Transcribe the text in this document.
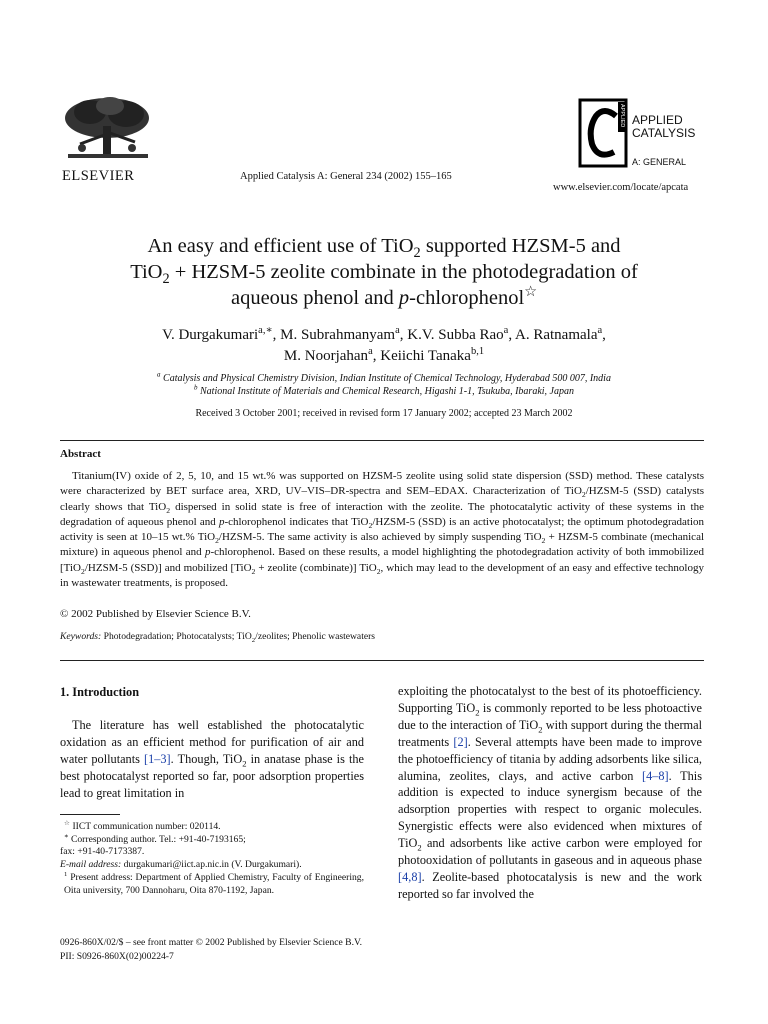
ELSEVIER	Applied Catalysis A: General 234 (2002) 155–165
APPLIED APPLIED
CATALYSIS
A: GENERAL
www.elsevier.com/locate/apcata
An easy and efficient use of TiO$_2$ supported HZSM-5 and
TiO$_2$ + HZSM-5 zeolite combinate in the photodegradation of
aqueous phenol and p-chlorophenol☆
V. Durgakumari$^{a,∗}$, M. Subrahmanyam$^a$, K.V. Subba Rao$^a$, A. Ratnamala$^a$,
M. Noorjahan$^a$, Keiichi Tanaka$^{b,1}$
$^a$ Catalysis and Physical Chemistry Division, Indian Institute of Chemical Technology, Hyderabad 500 007, India
$^b$ National Institute of Materials and Chemical Research, Higashi 1-1, Tsukuba, Ibaraki, Japan
Received 3 October 2001; received in revised form 17 January 2002; accepted 23 March 2002
Abstract
Titanium(IV) oxide of 2, 5, 10, and 15 wt.% was supported on HZSM-5 zeolite using solid state dispersion (SSD) method. These catalysts were characterized by BET surface area, XRD, UV–VIS–DR-spectra and SEM–EDAX. Characterization of TiO$_2$/HZSM-5 (SSD) catalysts clearly shows that TiO$_2$ dispersed in solid state is free of interaction with the zeolite. The photocatalytic activity of these systems in the degradation of aqueous phenol and p-chlorophenol indicates that TiO$_2$/HZSM-5 (SSD) is an active photocatalyst; the optimum photodegradation activity is seen at 10–15 wt.% TiO$_2$/HZSM-5. The same activity is also achieved by simply suspending TiO$_2$ + HZSM-5 combinate (mechanical mixture) in aqueous phenol and p-chlorophenol. Based on these results, a model highlighting the photodegradation activity of both immobilized [TiO$_2$/HZSM-5 (SSD)] and mobilized [TiO$_2$ + zeolite (combinate)] TiO$_2$, which may lead to the development of an easy and effective technology in wastewater treatments, is proposed.
© 2002 Published by Elsevier Science B.V.
Keywords: Photodegradation; Photocatalysts; TiO$_2$/zeolites; Phenolic wastewaters
1. Introduction
The literature has well established the photocatalytic oxidation as an efficient method for purification of air and water pollutants [1–3]. Though, TiO$_2$ in anatase phase is the best photocatalyst reported so far, poor adsorption properties lead to great limitation in
☆ IICT communication number: 020114.
∗ Corresponding author. Tel.: +91-40-7193165;
fax: +91-40-7173387.
E-mail address: durgakumari@iict.ap.nic.in (V. Durgakumari).
$^1$ Present address: Department of Applied Chemistry, Faculty of Engineering, Oita university, 700 Dannoharu, Oita 870-1192, Japan.
exploiting the photocatalyst to the best of its photoefficiency. Supporting TiO$_2$ is commonly reported to be less photoactive due to the interaction of TiO$_2$ with support during the thermal treatments [2]. Several attempts have been made to improve the photoefficiency of titania by adding adsorbents like silica, alumina, zeolites, clays, and active carbon [4–8]. This addition is expected to induce synergism because of the adsorption properties with respect to organic molecules. Synergistic effects were also evidenced when mixtures of TiO$_2$ and adsorbents like active carbon were employed for photooxidation of pollutants in gaseous and in aqueous phase [4,8]. Zeolite-based photocatalysis is new and the work reported so far involved the
0926-860X/02/$ – see front matter © 2002 Published by Elsevier Science B.V.
PII: S0926-860X(02)00224-7
